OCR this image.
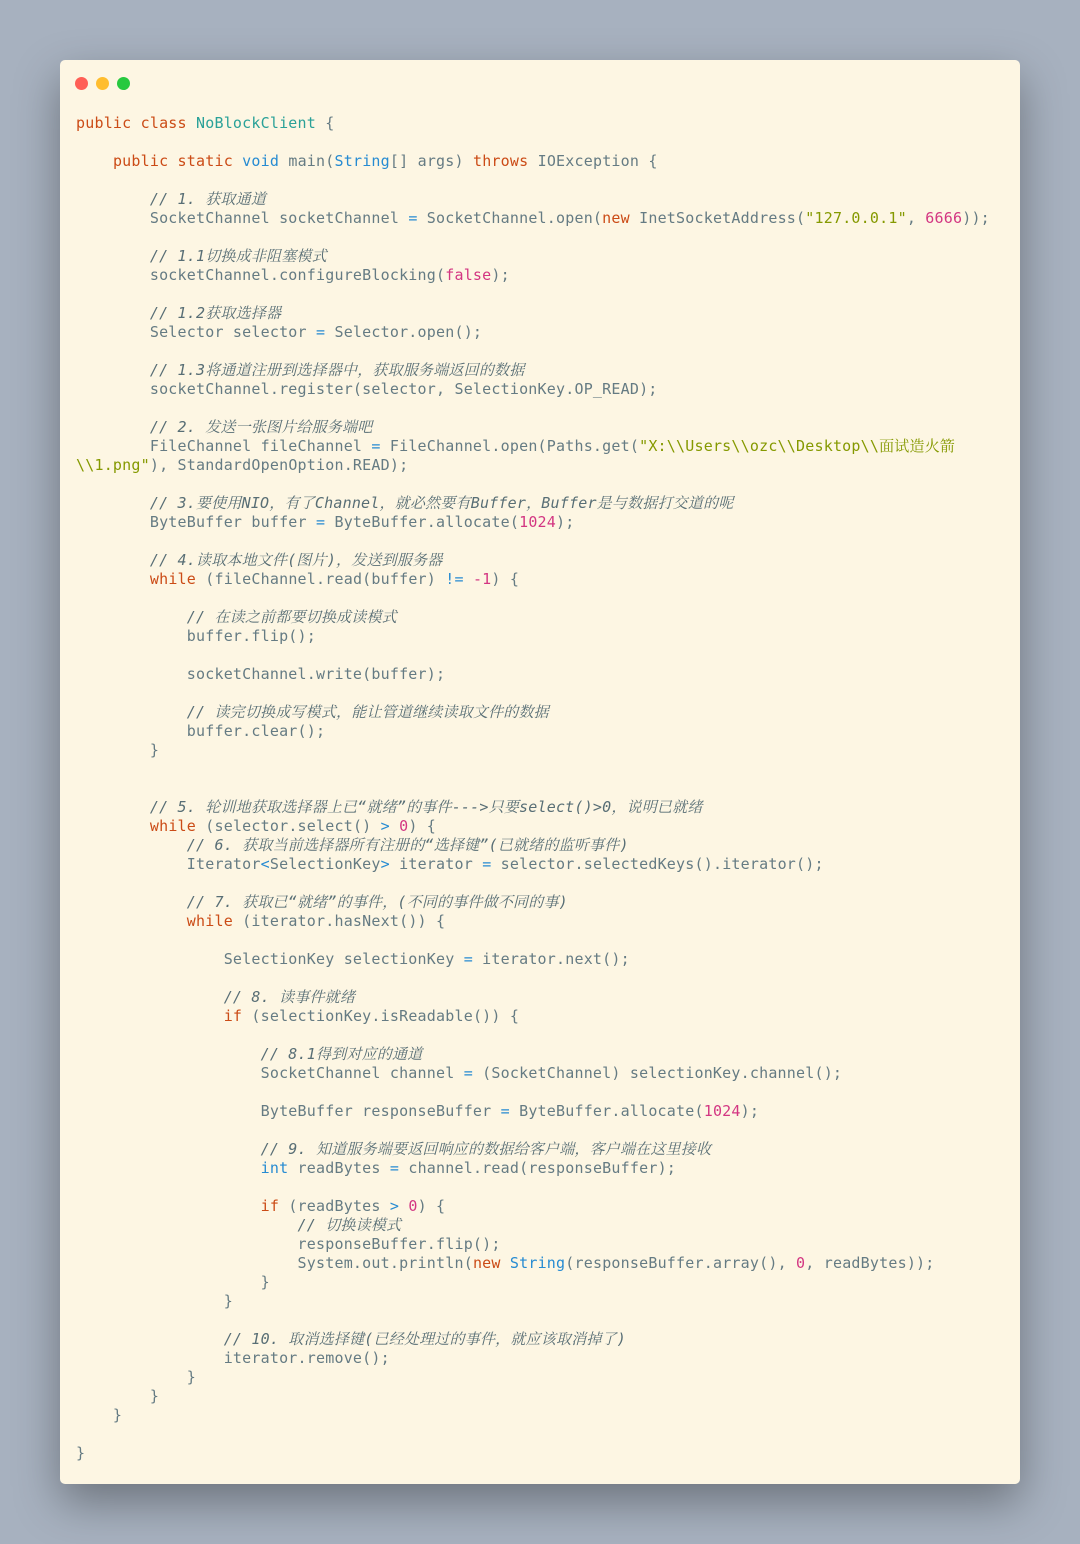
public class NoBlockClient {
public static void main(String[] args) throws IOException {
// 1. 获取通道
SocketChannel socketChannel = SocketChannel.open(new InetSocketAddress("127.0.0.1", 6666));
// 1.1切换成非阻塞模式
socketChannel.configureBlocking(false);
// 1.2获取选择器
Selector selector = Selector.open();
// 1.3将通道注册到选择器中，获取服务端返回的数据
socketChannel.register(selector, SelectionKey.OP_READ);
// 2. 发送一张图片给服务端吧
FileChannel fileChannel = FileChannel.open(Paths.get("X:\\Users\\ozc\\Desktop\\面试造火箭
\\1.png"), StandardOpenOption.READ);
// 3.要使用NIO，有了Channel，就必然要有Buffer，Buffer是与数据打交道的呢
ByteBuffer buffer = ByteBuffer.allocate(1024);
// 4.读取本地文件(图片)，发送到服务器
while (fileChannel.read(buffer) != -1) {
// 在读之前都要切换成读模式
buffer.flip();
socketChannel.write(buffer);
// 读完切换成写模式，能让管道继续读取文件的数据
buffer.clear();
}
// 5. 轮训地获取选择器上已“就绪”的事件--->只要select()>0，说明已就绪
while (selector.select() > 0) {
// 6. 获取当前选择器所有注册的“选择键”(已就绪的监听事件)
Iterator<SelectionKey> iterator = selector.selectedKeys().iterator();
// 7. 获取已“就绪”的事件，(不同的事件做不同的事)
while (iterator.hasNext()) {
SelectionKey selectionKey = iterator.next();
// 8. 读事件就绪
if (selectionKey.isReadable()) {
// 8.1得到对应的通道
SocketChannel channel = (SocketChannel) selectionKey.channel();
ByteBuffer responseBuffer = ByteBuffer.allocate(1024);
// 9. 知道服务端要返回响应的数据给客户端，客户端在这里接收
int readBytes = channel.read(responseBuffer);
if (readBytes > 0) {
// 切换读模式
responseBuffer.flip();
System.out.println(new String(responseBuffer.array(), 0, readBytes));
}
}
// 10. 取消选择键(已经处理过的事件，就应该取消掉了)
iterator.remove();
}
}
}
}
